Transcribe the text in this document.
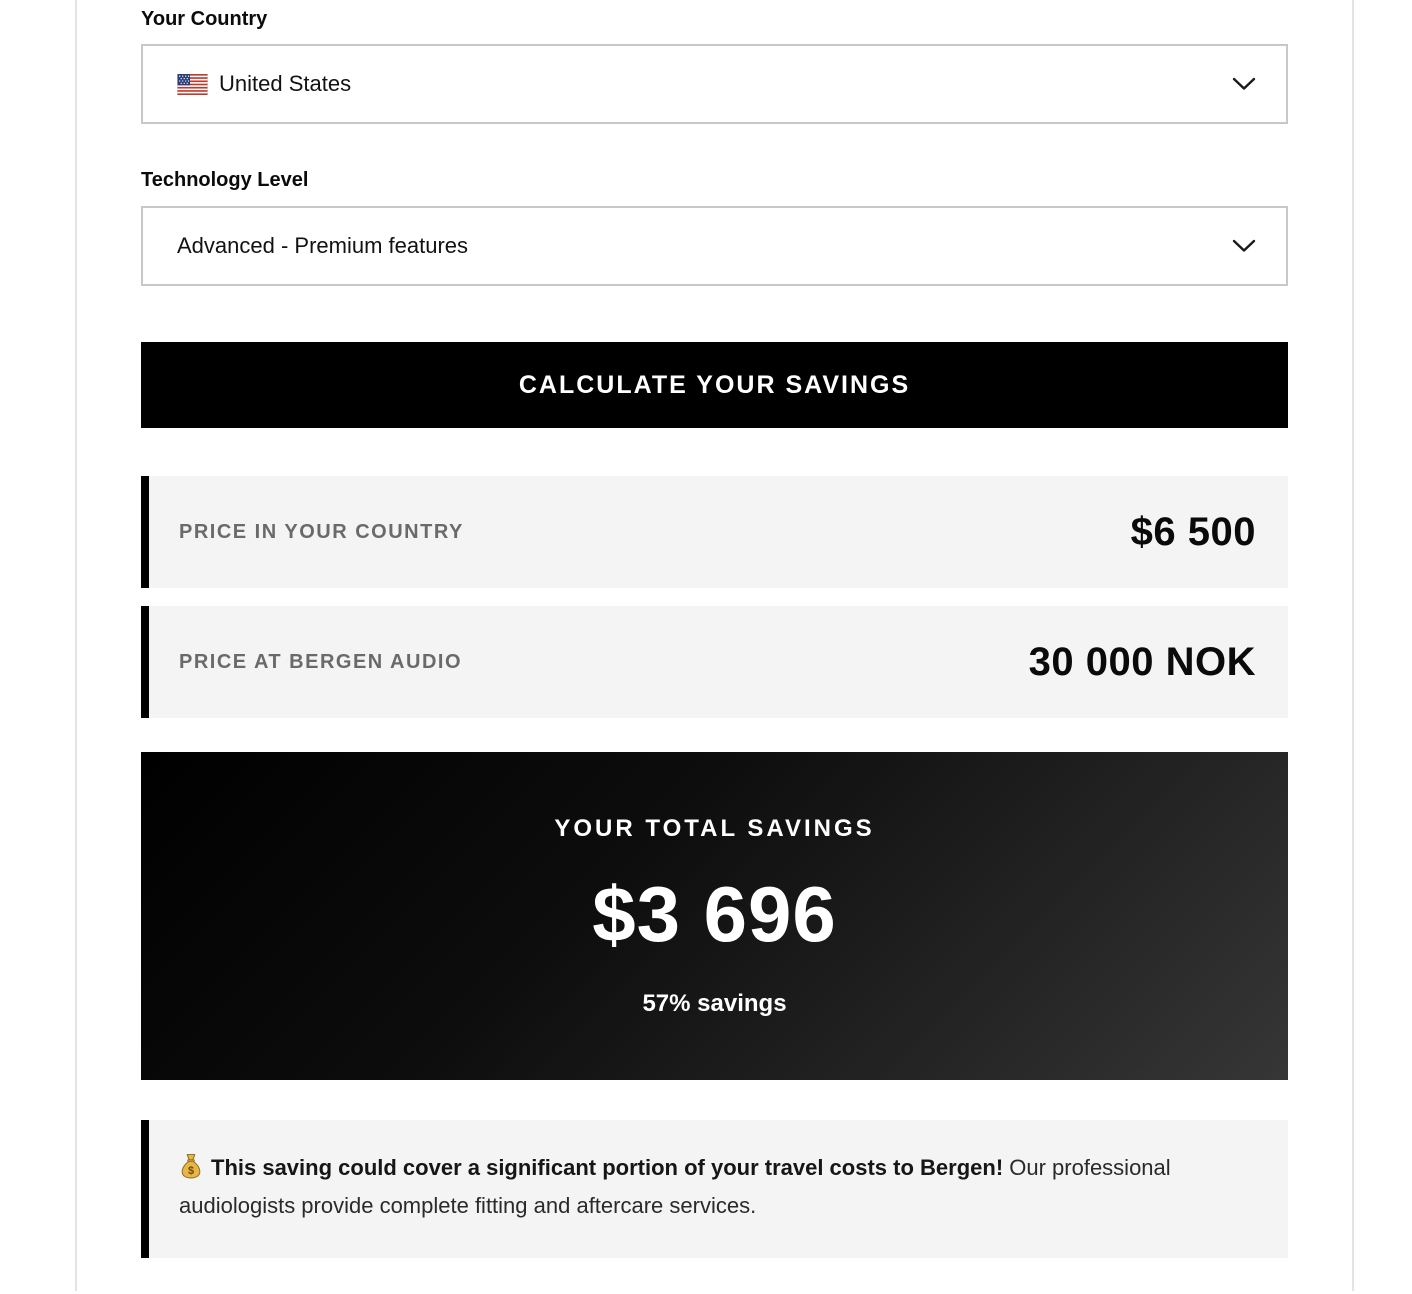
Your Country
United States
Technology Level
Advanced - Premium features
CALCULATE YOUR SAVINGS
PRICE IN YOUR COUNTRY	$6 500
PRICE AT BERGEN AUDIO	30 000 NOK
YOUR TOTAL SAVINGS
$3 696
57% savings
$ This saving could cover a significant portion of your travel costs to Bergen! Our professional audiologists provide complete fitting and aftercare services.
